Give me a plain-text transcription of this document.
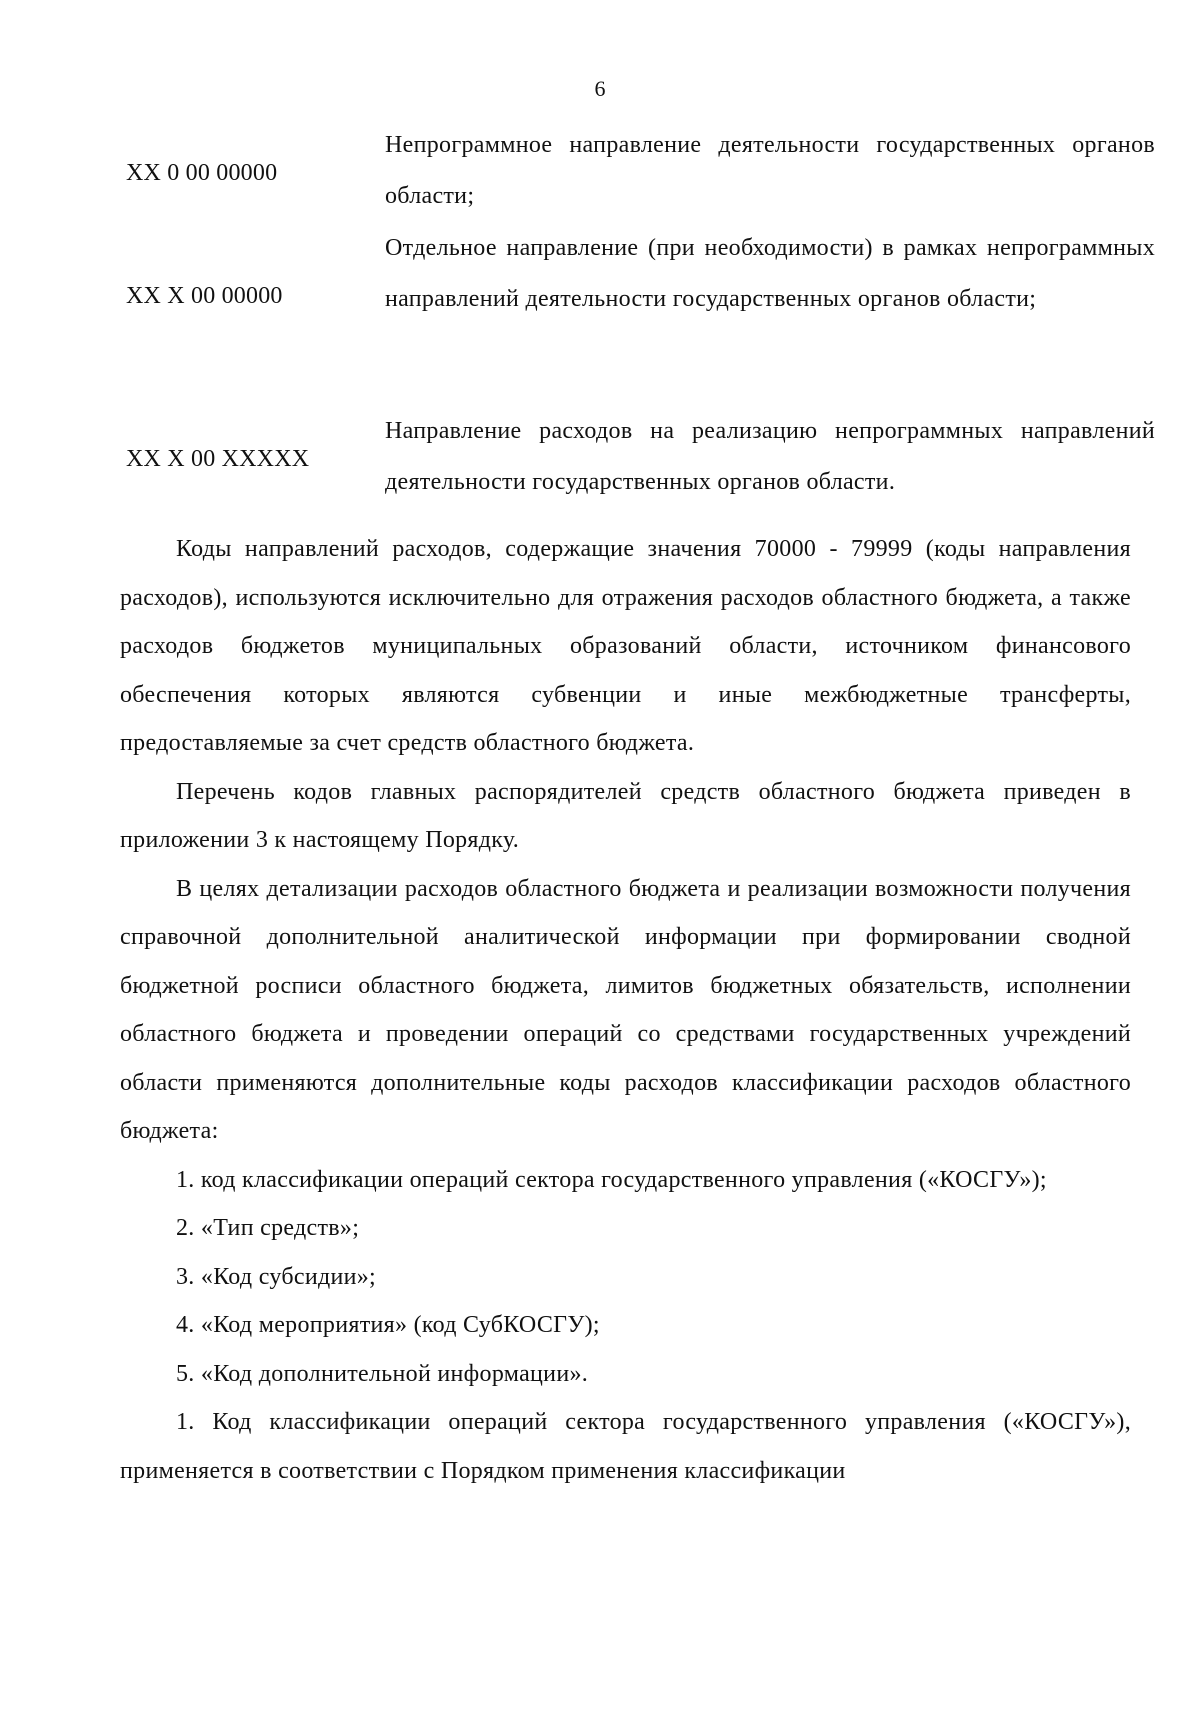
6
XX 0 00 00000
Непрограммное направление деятельности государственных органов области;
XX X 00 00000
Отдельное направление (при необходимости) в рамках непрограммных направлений деятельности государственных органов области;
XX X 00 XXXXX
Направление расходов на реализацию непрограммных направлений деятельности государственных органов области.

Коды направлений расходов, содержащие значения 70000 - 79999 (коды направления расходов), используются исключительно для отражения расходов областного бюджета, а также расходов бюджетов муниципальных образований области, источником финансового обеспечения которых являются субвенции и иные межбюджетные трансферты, предоставляемые за счет средств областного бюджета.

Перечень кодов главных распорядителей средств областного бюджета приведен в приложении 3 к настоящему Порядку.

В целях детализации расходов областного бюджета и реализации возможности получения справочной дополнительной аналитической информации при формировании сводной бюджетной росписи областного бюджета, лимитов бюджетных обязательств, исполнении областного бюджета и проведении операций со средствами государственных учреждений области применяются дополнительные коды расходов классификации расходов областного бюджета:

1. код классификации операций сектора государственного управления («КОСГУ»);

2. «Тип средств»;

3. «Код субсидии»;

4. «Код мероприятия» (код СубКОСГУ);

5. «Код дополнительной информации».

1. Код классификации операций сектора государственного управления («КОСГУ»), применяется в соответствии с Порядком применения классификации
